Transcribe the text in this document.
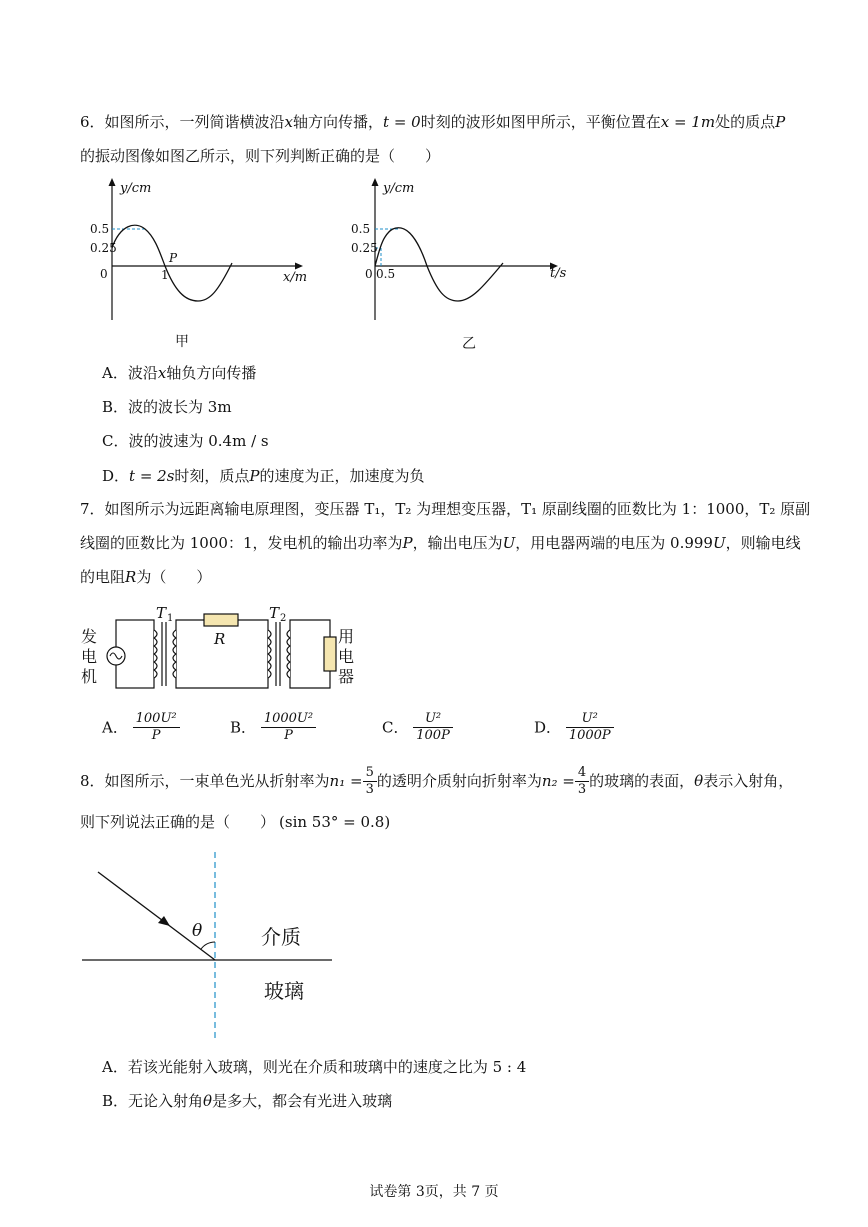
6．如图所示，一列简谐横波沿x轴方向传播，t = 0时刻的波形如图甲所示，平衡位置在x = 1m处的质点P
的振动图像如图乙所示，则下列判断正确的是（　　）
y/cm
x/m
0.5
0.25
0	1
P
甲
y/cm
t/s
0.5
0.25
0 0.5
乙
A．波沿x轴负方向传播
B．波的波长为 3m
C．波的波速为 0.4m / s
D．t = 2s时刻，质点P的速度为正，加速度为负
7．如图所示为远距离输电原理图，变压器 T₁，T₂ 为理想变压器，T₁ 原副线圈的匝数比为 1：1000，T₂ 原副
线圈的匝数比为 1000：1，发电机的输出功率为P，输出电压为U，用电器两端的电压为 0.999U，则输电线
的电阻R为（　　）
发
电
机
T 1
R
T 2
用
电
器
A． $\frac{\text{100U²}}{P}$	B． $\frac{\text{1000U²}}{P}$	C． $\frac{\text{U²}}{100P}$	D． $\frac{\text{U²}}{1000P}$
8．如图所示，一束单色光从折射率为$n_1 = \frac{5}{3}$ 的透明介质射向折射率为$n_2 = \frac{4}{3}$ 的玻璃的表面，θ表示入射角，
则下列说法正确的是（　　） (sin 53° = 0.8)
θ	介质
玻璃
A．若该光能射入玻璃，则光在介质和玻璃中的速度之比为 5 : 4
B．无论入射角θ是多大，都会有光进入玻璃
试卷第 3页，共 7 页
